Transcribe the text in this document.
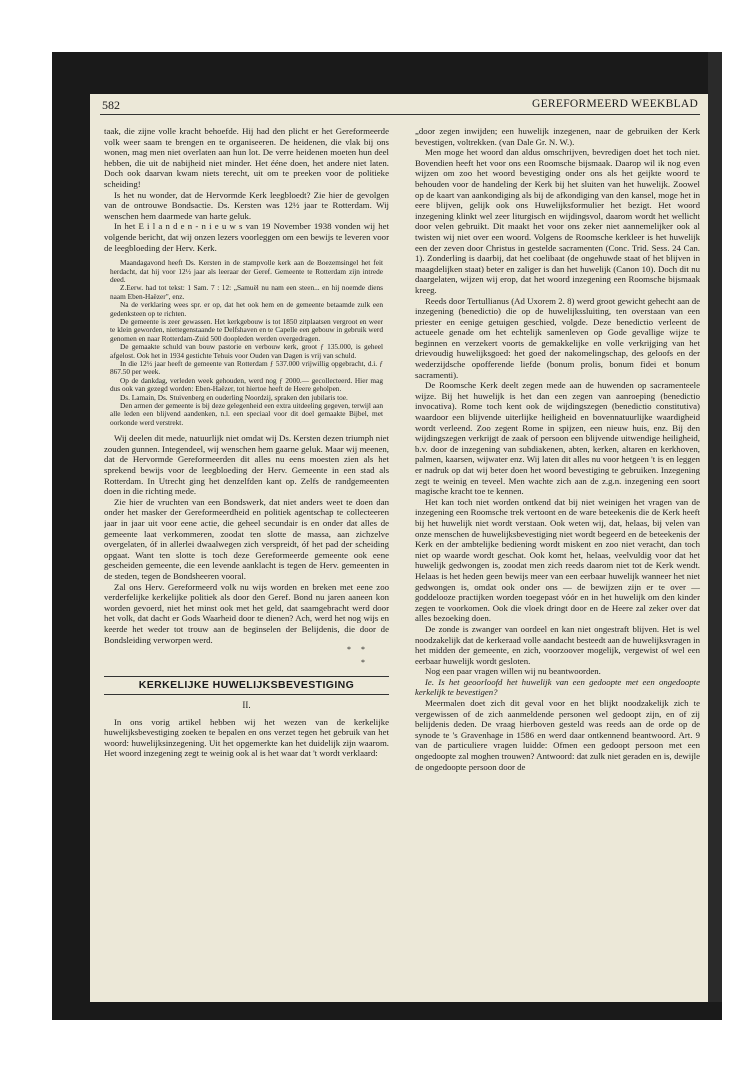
582	GEREFORMEERD WEEKBLAD

taak, die zijne volle kracht behoefde. Hij had den plicht er het Gereformeerde volk weer saam te brengen en te organiseeren. De heidenen, die vlak bij ons wonen, mag men niet overlaten aan hun lot. De verre heidenen moeten hun deel hebben, die uit de nabijheid niet minder. Het ééne doen, het andere niet laten. Doch ook daarvan kwam niets terecht, uit om te preeken voor de politieke scheiding!

Is het nu wonder, dat de Hervormde Kerk leegbloedt? Zie hier de gevolgen van de ontrouwe Bondsactie. Ds. Kersten was 12½ jaar te Rotterdam. Wij wenschen hem daarmede van harte geluk.

In het E i l a n d e n - n i e u w s van 19 November 1938 vonden wij het volgende bericht, dat wij onzen lezers voorleggen om een bewijs te leveren voor de leegbloeding der Herv. Kerk.

Maandagavond heeft Ds. Kersten in de stampvolle kerk aan de Boezemsingel het feit herdacht, dat hij voor 12½ jaar als leeraar der Geref. Gemeente te Rotterdam zijn intrede deed.

Z.Eerw. had tot tekst: 1 Sam. 7 : 12: „Samuël nu nam een steen... en hij noemde diens naam Eben-Haëzer", enz.

Na de verklaring wees spr. er op, dat het ook hem en de gemeente betaamde zulk een gedenksteen op te richten.

De gemeente is zeer gewassen. Het kerkgebouw is tot 1850 zitplaatsen vergroot en weer te klein geworden, niettegenstaande te Delfshaven en te Capelle een gebouw in gebruik werd genomen en naar Rotterdam-Zuid 500 doopleden werden overgedragen.

De gemaakte schuld van bouw pastorie en verbouw kerk, groot ƒ 135.000, is geheel afgelost. Ook het in 1934 gestichte Tehuis voor Ouden van Dagen is vrij van schuld.

In die 12½ jaar heeft de gemeente van Rotterdam ƒ 537.000 vrijwillig opgebracht, d.i. ƒ 867.50 per week.

Op de dankdag, verleden week gehouden, werd nog ƒ 2000.— gecollecteerd. Hier mag dus ook van gezegd worden: Eben-Haëzer, tot hiertoe heeft de Heere geholpen.

Ds. Lamain, Ds. Stuivenberg en ouderling Noordzij, spraken den jubilaris toe.

Den armen der gemeente is bij deze gelegenheid een extra uitdeeling gegeven, terwijl aan alle leden een blijvend aandenken, n.l. een speciaal voor dit doel gemaakte Bijbel, met oorkonde werd verstrekt.

Wij deelen dit mede, natuurlijk niet omdat wij Ds. Kersten dezen triumph niet zouden gunnen. Integendeel, wij wenschen hem gaarne geluk. Maar wij meenen, dat de Hervormde Gereformeerden dit alles nu eens moesten zien als het sprekend bewijs voor de leegbloeding der Herv. Gemeente in een stad als Rotterdam. In Utrecht ging het denzelfden kant op. Zelfs de randgemeenten doen in die richting mede.

Zie hier de vruchten van een Bondswerk, dat niet anders weet te doen dan onder het masker der Gereformeerdheid en politiek agentschap te collecteeren jaar in jaar uit voor eene actie, die geheel secundair is en onder dat alles de gemeente laat verkommeren, zoodat ten slotte de massa, aan zichzelve overgelaten, óf in allerlei dwaalwegen zich verspreidt, óf het pad der scheiding opgaat. Want ten slotte is toch deze Gereformeerde gemeente ook eene gescheiden gemeente, die een levende aanklacht is tegen de Herv. gemeenten in de steden, tegen de Bondsheeren vooral.

Zal ons Herv. Gereformeerd volk nu wijs worden en breken met eene zoo verderfelijke kerkelijke politiek als door den Geref. Bond nu jaren aaneen kon worden gevoerd, niet het minst ook met het geld, dat saamgebracht werd door het volk, dat dacht er Gods Waarheid door te dienen? Ach, werd het nog wijs en keerde het weder tot trouw aan de beginselen der Belijdenis, die door de Bondsleiding verworpen werd.

* *
*
KERKELIJKE HUWELIJKSBEVESTIGING
II.

In ons vorig artikel hebben wij het wezen van de kerkelijke huwelijksbevestiging zoeken te bepalen en ons verzet tegen het gebruik van het woord: huwelijksinzegening. Uit het opgemerkte kan het duidelijk zijn waarom. Het woord inzegening zegt te weinig ook al is het waar dat 't wordt verklaard:

„door zegen inwijden; een huwelijk inzegenen, naar de gebruiken der Kerk bevestigen, voltrekken. (van Dale Gr. N. W.).

Men moge het woord dan aldus omschrijven, bevredigen doet het toch niet. Bovendien heeft het voor ons een Roomsche bijsmaak. Daarop wil ik nog even wijzen om zoo het woord bevestiging onder ons als het geijkte woord te behouden voor de handeling der Kerk bij het sluiten van het huwelijk. Zoowel op de kaart van aankondiging als bij de afkondiging van den kansel, moge het in eere blijven, gelijk ook ons Huwelijksformulier het bezigt. Het woord inzegening klinkt wel zeer liturgisch en wijdingsvol, daarom wordt het wellicht door velen gebruikt. Dit maakt het voor ons zeker niet aannemelijker ook al twisten wij niet over een woord. Volgens de Roomsche kerkleer is het huwelijk een der zeven door Christus in gestelde sacramenten (Conc. Trid. Sess. 24 Can. 1). Zonderling is daarbij, dat het coelibaat (de ongehuwde staat of het blijven in maagdelijken staat) beter en zaliger is dan het huwelijk (Canon 10). Doch dit nu daargelaten, wijzen wij erop, dat het woord inzegening een Roomsche bijsmaak kreeg.

Reeds door Tertullianus (Ad Uxorem 2. 8) werd groot gewicht gehecht aan de inzegening (benedictio) die op de huwelijkssluiting, ten overstaan van een priester en eenige getuigen geschied, volgde. Deze benedictio verleent de actueele genade om het echtelijk samenleven op Gode gevallige wijze te beginnen en verzekert voorts de gemakkelijke en volle verkrijging van het drievoudig huwelijksgoed: het goed der nakomelingschap, des geloofs en der wederzijdsche opofferende liefde (bonum prolis, bonum fidei et bonum sacramenti).

De Roomsche Kerk deelt zegen mede aan de huwenden op sacramenteele wijze. Bij het huwelijk is het dan een zegen van aanroeping (benedictio invocativa). Rome toch kent ook de wijdingszegen (benedictio constitutiva) waardoor een blijvende uiterlijke heiligheid en bovennatuurlijke waardigheid wordt verleend. Zoo zegent Rome in spijzen, een nieuw huis, enz. Bij den wijdingszegen verkrijgt de zaak of persoon een blijvende uitwendige heiligheid, b.v. door de inzegening van subdiakenen, abten, kerken, altaren en kerkhoven, palmen, kaarsen, wijwater enz. Wij laten dit alles nu voor hetgeen 't is en leggen er nadruk op dat wij beter doen het woord bevestiging te gebruiken. Inzegening zegt te weinig en teveel. Men wachte zich aan de z.g.n. inzegening een soort magische kracht toe te kennen.

Het kan toch niet worden ontkend dat bij niet weinigen het vragen van de inzegening een Roomsche trek vertoont en de ware beteekenis die de Kerk heeft bij het huwelijk niet wordt verstaan. Ook weten wij, dat, helaas, bij velen van onze menschen de huwelijksbevestiging niet wordt begeerd en de beteekenis der Kerk en der ambtelijke bediening wordt miskent en zoo niet veracht, dan toch niet op waarde wordt geschat. Ook komt het, helaas, veelvuldig voor dat het huwelijk gedwongen is, zoodat men zich reeds daarom niet tot de Kerk wendt. Helaas is het heden geen bewijs meer van een eerbaar huwelijk wanneer het niet gedwongen is, omdat ook onder ons — de bewijzen zijn er te over — goddelooze practijken worden toegepast vóór en in het huwelijk om den kinder zegen te voorkomen. Ook die vloek dringt door en de Heere zal zeker over dat alles bezoeking doen.

De zonde is zwanger van oordeel en kan niet ongestraft blijven. Het is wel noodzakelijk dat de kerkeraad volle aandacht besteedt aan de huwelijksvragen in het midden der gemeente, en zich, voorzoover mogelijk, vergewist of wel een eerbaar huwelijk wordt gesloten.

Nog een paar vragen willen wij nu beantwoorden.

Ie. Is het geoorloofd het huwelijk van een gedoopte met een ongedoopte kerkelijk te bevestigen?

Meermalen doet zich dit geval voor en het blijkt noodzakelijk zich te vergewissen of de zich aanmeldende personen wel gedoopt zijn, en of zij belijdenis deden. De vraag hierboven gesteld was reeds aan de orde op de synode te 's Gravenhage in 1586 en werd daar ontkennend beantwoord. Art. 9 van de particuliere vragen luidde: Ofmen een gedoopt persoon met een ongedoopte zal moghen trouwen? Antwoord: dat zulk niet geraden en is, dewijle de ongedoopte persoon door de
